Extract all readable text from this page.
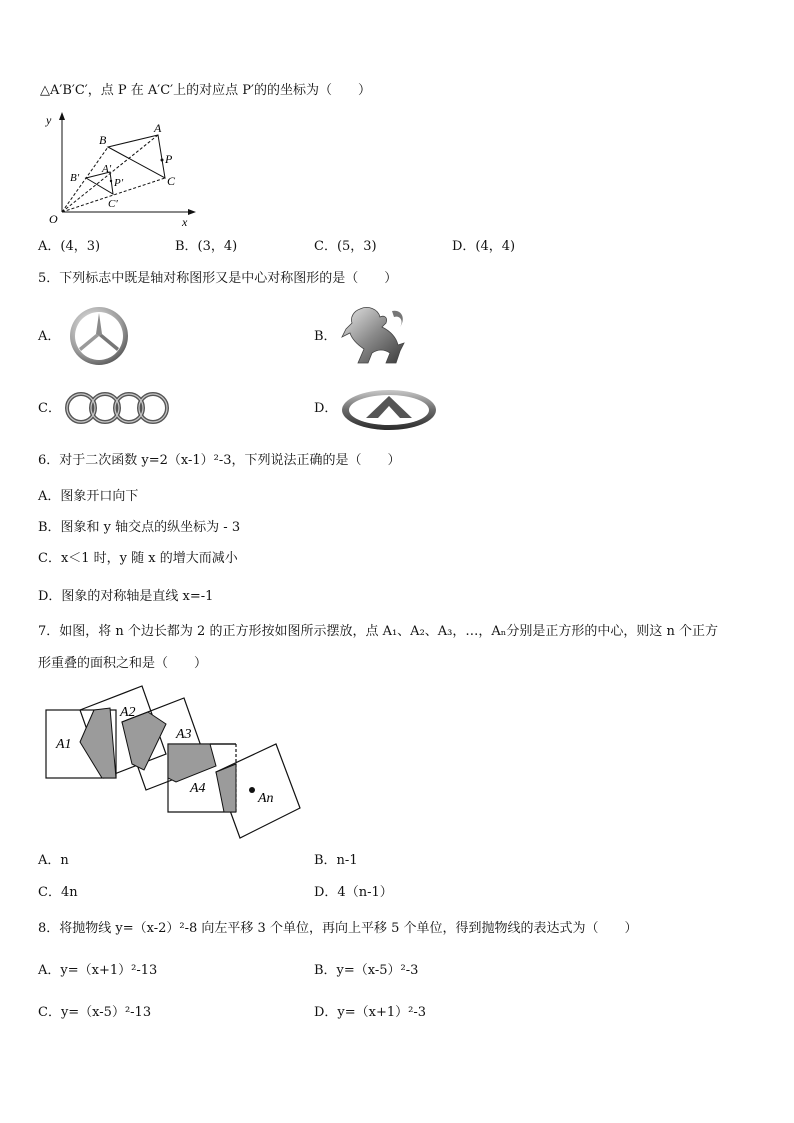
△A′B′C′，点 P 在 A′C′上的对应点 P′的的坐标为（　　）
y
x
O
B
A
P
C
A′
B′	P′
C′
A．(4，3)	B．(3，4)	C．(5，3)	D．(4，4)
5．下列标志中既是轴对称图形又是中心对称图形的是（　　）
A．	B．
C．	D．
6．对于二次函数 y=2（x-1）²-3，下列说法正确的是（　　）
A．图象开口向下
B．图象和 y 轴交点的纵坐标为 - 3
C．x＜1 时，y 随 x 的增大而减小
D．图象的对称轴是直线 x=-1
7．如图，将 n 个边长都为 2 的正方形按如图所示摆放，点 A₁、A₂、A₃，…，Aₙ分别是正方形的中心，则这 n 个正方
形重叠的面积之和是（　　）
A1
A2
A3
A4
An
A．n	B．n-1
C．4n	D．4（n-1）
8．将抛物线 y=（x-2）²-8 向左平移 3 个单位，再向上平移 5 个单位，得到抛物线的表达式为（　　）
A．y=（x+1）²-13	B．y=（x-5）²-3
C．y=（x-5）²-13	D．y=（x+1）²-3
